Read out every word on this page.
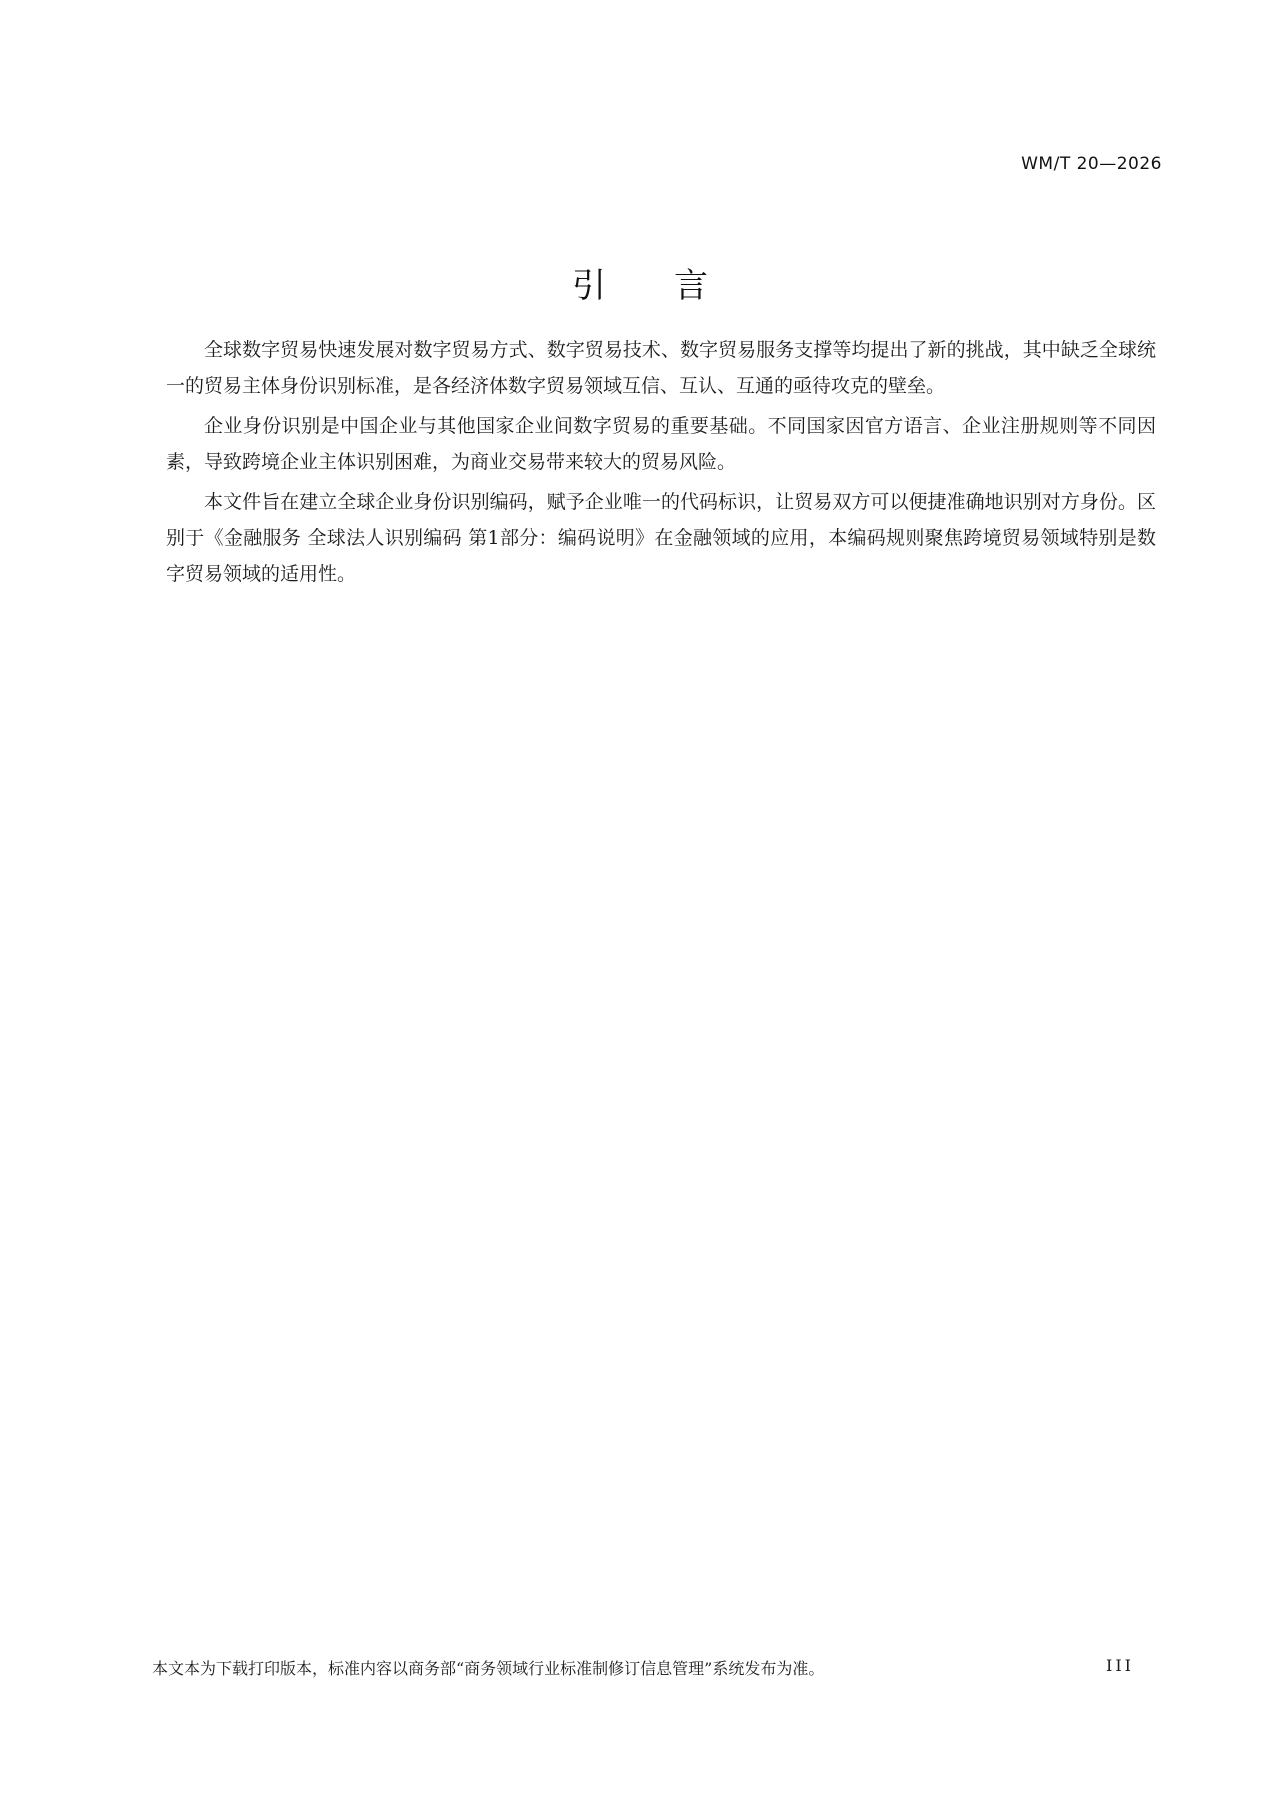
WM/T 20—2026
引言

全球数字贸易快速发展对数字贸易方式、数字贸易技术、数字贸易服务支撑等均提出了新的挑战，其中缺乏全球统一的贸易主体身份识别标准，是各经济体数字贸易领域互信、互认、互通的亟待攻克的壁垒。

企业身份识别是中国企业与其他国家企业间数字贸易的重要基础。不同国家因官方语言、企业注册规则等不同因素，导致跨境企业主体识别困难，为商业交易带来较大的贸易风险。

本文件旨在建立全球企业身份识别编码，赋予企业唯一的代码标识，让贸易双方可以便捷准确地识别对方身份。区别于《金融服务 全球法人识别编码 第1部分：编码说明》在金融领域的应用，本编码规则聚焦跨境贸易领域特别是数字贸易领域的适用性。

本文本为下载打印版本，标准内容以商务部“商务领域行业标准制修订信息管理”系统发布为准。	III
